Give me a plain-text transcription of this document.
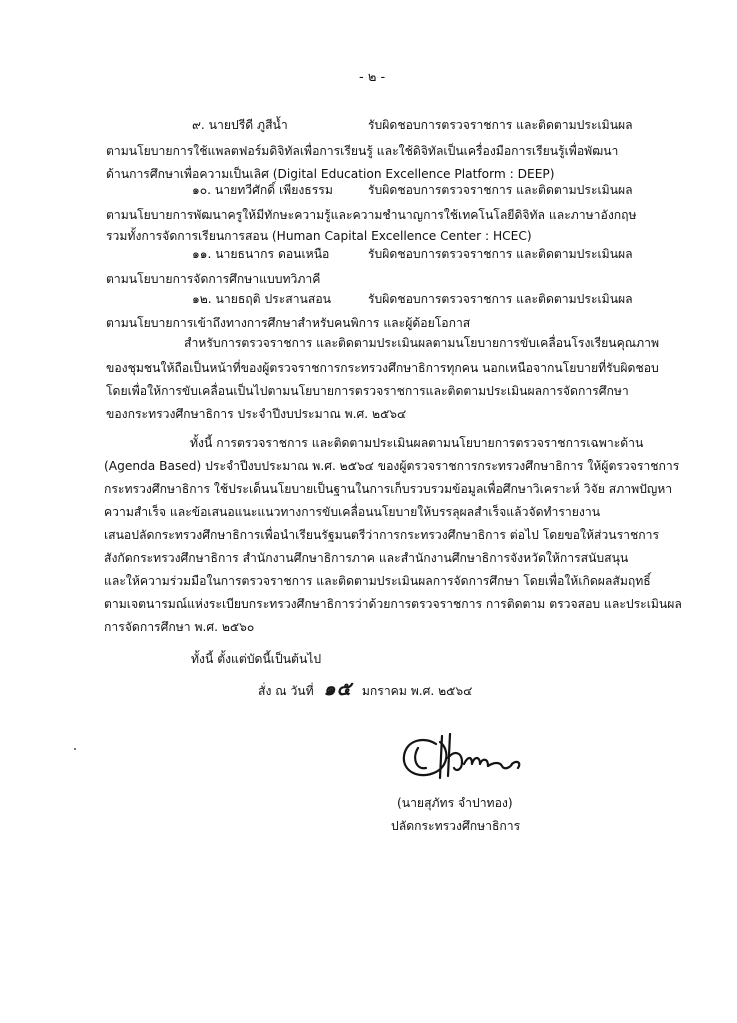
- ๒ -
๙. นายปรีดี ภูสีน้ำ	รับผิดชอบการตรวจราชการ และติดตามประเมินผล
ตามนโยบายการใช้แพลตฟอร์มดิจิทัลเพื่อการเรียนรู้ และใช้ดิจิทัลเป็นเครื่องมือการเรียนรู้เพื่อพัฒนา
ด้านการศึกษาเพื่อความเป็นเลิศ (Digital Education Excellence Platform : DEEP)
๑๐. นายทวีศักดิ์ เพียงธรรม	รับผิดชอบการตรวจราชการ และติดตามประเมินผล
ตามนโยบายการพัฒนาครูให้มีทักษะความรู้และความชำนาญการใช้เทคโนโลยีดิจิทัล และภาษาอังกฤษ
รวมทั้งการจัดการเรียนการสอน (Human Capital Excellence Center : HCEC)
๑๑. นายธนากร ดอนเหนือ	รับผิดชอบการตรวจราชการ และติดตามประเมินผล
ตามนโยบายการจัดการศึกษาแบบทวิภาคี
๑๒. นายธฤติ ประสานสอน	รับผิดชอบการตรวจราชการ และติดตามประเมินผล
ตามนโยบายการเข้าถึงทางการศึกษาสำหรับคนพิการ และผู้ด้อยโอกาส
สำหรับการตรวจราชการ และติดตามประเมินผลตามนโยบายการขับเคลื่อนโรงเรียนคุณภาพ
ของชุมชนให้ถือเป็นหน้าที่ของผู้ตรวจราชการกระทรวงศึกษาธิการทุกคน นอกเหนือจากนโยบายที่รับผิดชอบ
โดยเพื่อให้การขับเคลื่อนเป็นไปตามนโยบายการตรวจราชการและติดตามประเมินผลการจัดการศึกษา
ของกระทรวงศึกษาธิการ ประจำปีงบประมาณ พ.ศ. ๒๕๖๔
ทั้งนี้ การตรวจราชการ และติดตามประเมินผลตามนโยบายการตรวจราชการเฉพาะด้าน
(Agenda Based) ประจำปีงบประมาณ พ.ศ. ๒๕๖๔ ของผู้ตรวจราชการกระทรวงศึกษาธิการ ให้ผู้ตรวจราชการ
กระทรวงศึกษาธิการ ใช้ประเด็นนโยบายเป็นฐานในการเก็บรวบรวมข้อมูลเพื่อศึกษาวิเคราะห์ วิจัย สภาพปัญหา
ความสำเร็จ และข้อเสนอแนะแนวทางการขับเคลื่อนนโยบายให้บรรลุผลสำเร็จแล้วจัดทำรายงาน
เสนอปลัดกระทรวงศึกษาธิการเพื่อนำเรียนรัฐมนตรีว่าการกระทรวงศึกษาธิการ ต่อไป โดยขอให้ส่วนราชการ
สังกัดกระทรวงศึกษาธิการ สำนักงานศึกษาธิการภาค และสำนักงานศึกษาธิการจังหวัดให้การสนับสนุน
และให้ความร่วมมือในการตรวจราชการ และติดตามประเมินผลการจัดการศึกษา โดยเพื่อให้เกิดผลสัมฤทธิ์
ตามเจตนารมณ์แห่งระเบียบกระทรวงศึกษาธิการว่าด้วยการตรวจราชการ การติดตาม ตรวจสอบ และประเมินผล
การจัดการศึกษา พ.ศ. ๒๕๖๐
ทั้งนี้ ตั้งแต่บัดนี้เป็นต้นไป
สั่ง ณ วันที่ ๑๕ มกราคม พ.ศ. ๒๕๖๔
(นายสุภัทร จำปาทอง)
ปลัดกระทรวงศึกษาธิการ
